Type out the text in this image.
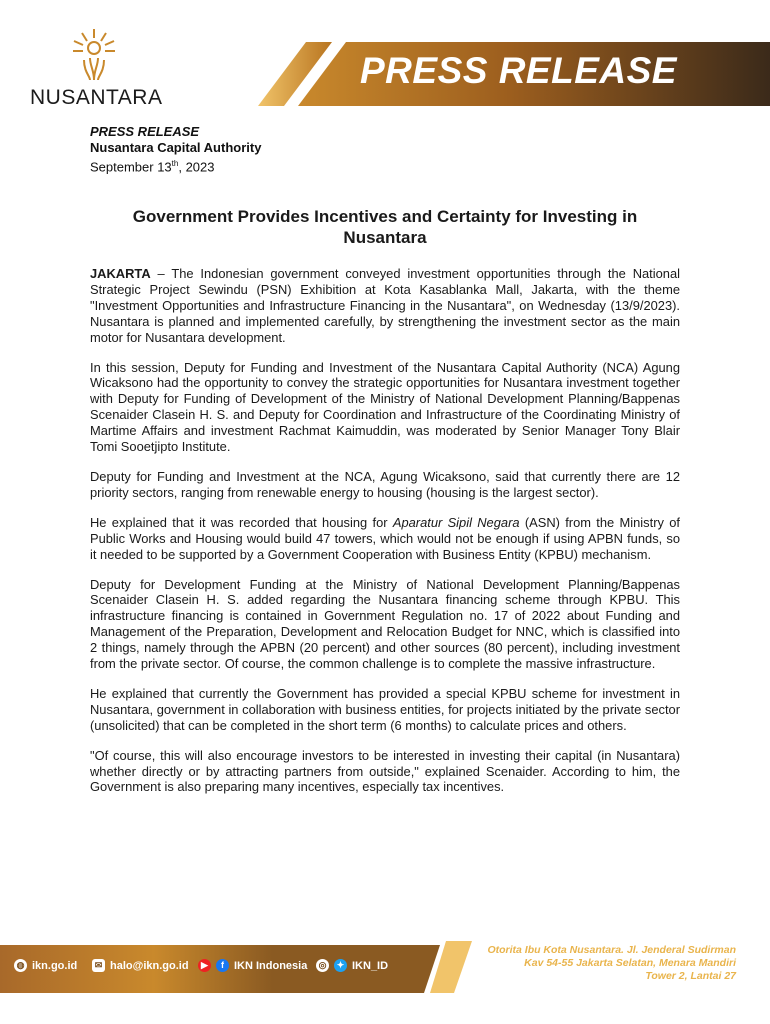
NUSANTARA
PRESS RELEASE
PRESS RELEASE
Nusantara Capital Authority
September 13th, 2023
Government Provides Incentives and Certainty for Investing in Nusantara

JAKARTA – The Indonesian government conveyed investment opportunities through the National Strategic Project Sewindu (PSN) Exhibition at Kota Kasablanka Mall, Jakarta, with the theme "Investment Opportunities and Infrastructure Financing in the Nusantara", on Wednesday (13/9/2023). Nusantara is planned and implemented carefully, by strengthening the investment sector as the main motor for Nusantara development.

In this session, Deputy for Funding and Investment of the Nusantara Capital Authority (NCA) Agung Wicaksono had the opportunity to convey the strategic opportunities for Nusantara investment together with Deputy for Funding of Development of the Ministry of National Development Planning/Bappenas Scenaider Clasein H. S. and Deputy for Coordination and Infrastructure of the Coordinating Ministry of Martime Affairs and investment Rachmat Kaimuddin, was moderated by Senior Manager Tony Blair Tomi Sooetjipto Institute.

Deputy for Funding and Investment at the NCA, Agung Wicaksono, said that currently there are 12 priority sectors, ranging from renewable energy to housing (housing is the largest sector).

He explained that it was recorded that housing for Aparatur Sipil Negara (ASN) from the Ministry of Public Works and Housing would build 47 towers, which would not be enough if using APBN funds, so it needed to be supported by a Government Cooperation with Business Entity (KPBU) mechanism.

Deputy for Development Funding at the Ministry of National Development Planning/Bappenas Scenaider Clasein H. S. added regarding the Nusantara financing scheme through KPBU. This infrastructure financing is contained in Government Regulation no. 17 of 2022 about Funding and Management of the Preparation, Development and Relocation Budget for NNC, which is classified into 2 things, namely through the APBN (20 percent) and other sources (80 percent), including investment from the private sector. Of course, the common challenge is to complete the massive infrastructure.

He explained that currently the Government has provided a special KPBU scheme for investment in Nusantara, government in collaboration with business entities, for projects initiated by the private sector (unsolicited) that can be completed in the short term (6 months) to calculate prices and others.

"Of course, this will also encourage investors to be interested in investing their capital (in Nusantara) whether directly or by attracting partners from outside," explained Scenaider. According to him, the Government is also preparing many incentives, especially tax incentives.

◍ ikn.go.id	✉ halo@ikn.go.id	▶	f IKN Indonesia ◎	✦ IKN_ID
Otorita Ibu Kota Nusantara. Jl. Jenderal Sudirman
Kav 54-55 Jakarta Selatan, Menara Mandiri
Tower 2, Lantai 27
